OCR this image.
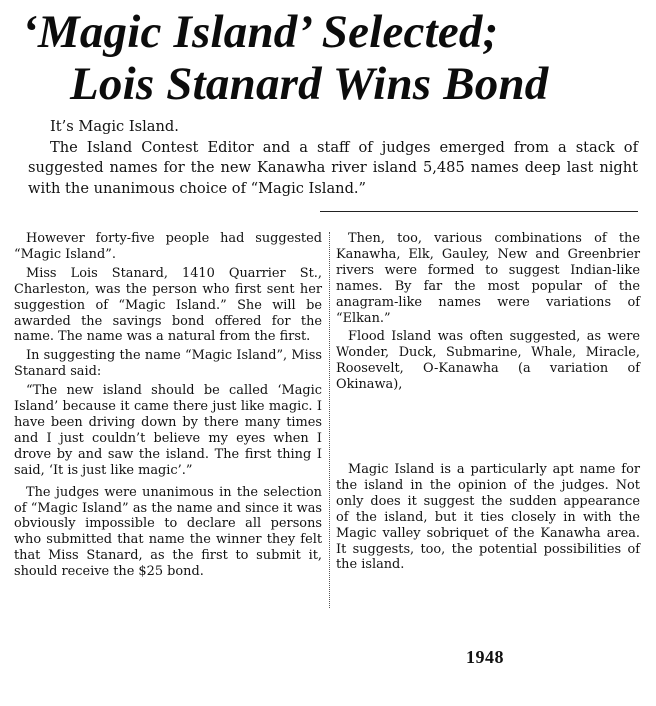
‘Magic Island’ Selected;
Lois Stanard Wins Bond

It’s Magic Island.

The Island Contest Editor and a staff of judges emerged from a stack of suggested names for the new Kanawha river island 5,485 names deep last night with the unanimous choice of “Magic Island.”

However forty-five people had suggested “Magic Island”.

Miss Lois Stanard, 1410 Quarrier St., Charleston, was the person who first sent her suggestion of “Magic Island.” She will be awarded the savings bond offered for the name. The name was a natural from the first.

In suggesting the name “Magic Island”, Miss Stanard said:

“The new island should be called ‘Magic Island’ because it came there just like magic. I have been driving down by there many times and I just couldn’t believe my eyes when I drove by and saw the island. The first thing I said, ‘It is just like magic’.”

The judges were unanimous in the selection of “Magic Island” as the name and since it was obviously impossible to declare all persons who submitted that name the winner they felt that Miss Stanard, as the first to submit it, should receive the $25 bond.

Then, too, various combinations of the Kanawha, Elk, Gauley, New and Greenbrier rivers were formed to suggest Indian-like names. By far the most popular of the anagram-like names were variations of “Elkan.”

Flood Island was often suggested, as were Wonder, Duck, Submarine, Whale, Miracle, Roosevelt, O-Kanawha (a variation of Okinawa),

Magic Island is a particularly apt name for the island in the opinion of the judges. Not only does it suggest the sudden appearance of the island, but it ties closely in with the Magic valley sobriquet of the Kanawha area. It suggests, too, the potential possibilities of the island.

1948
